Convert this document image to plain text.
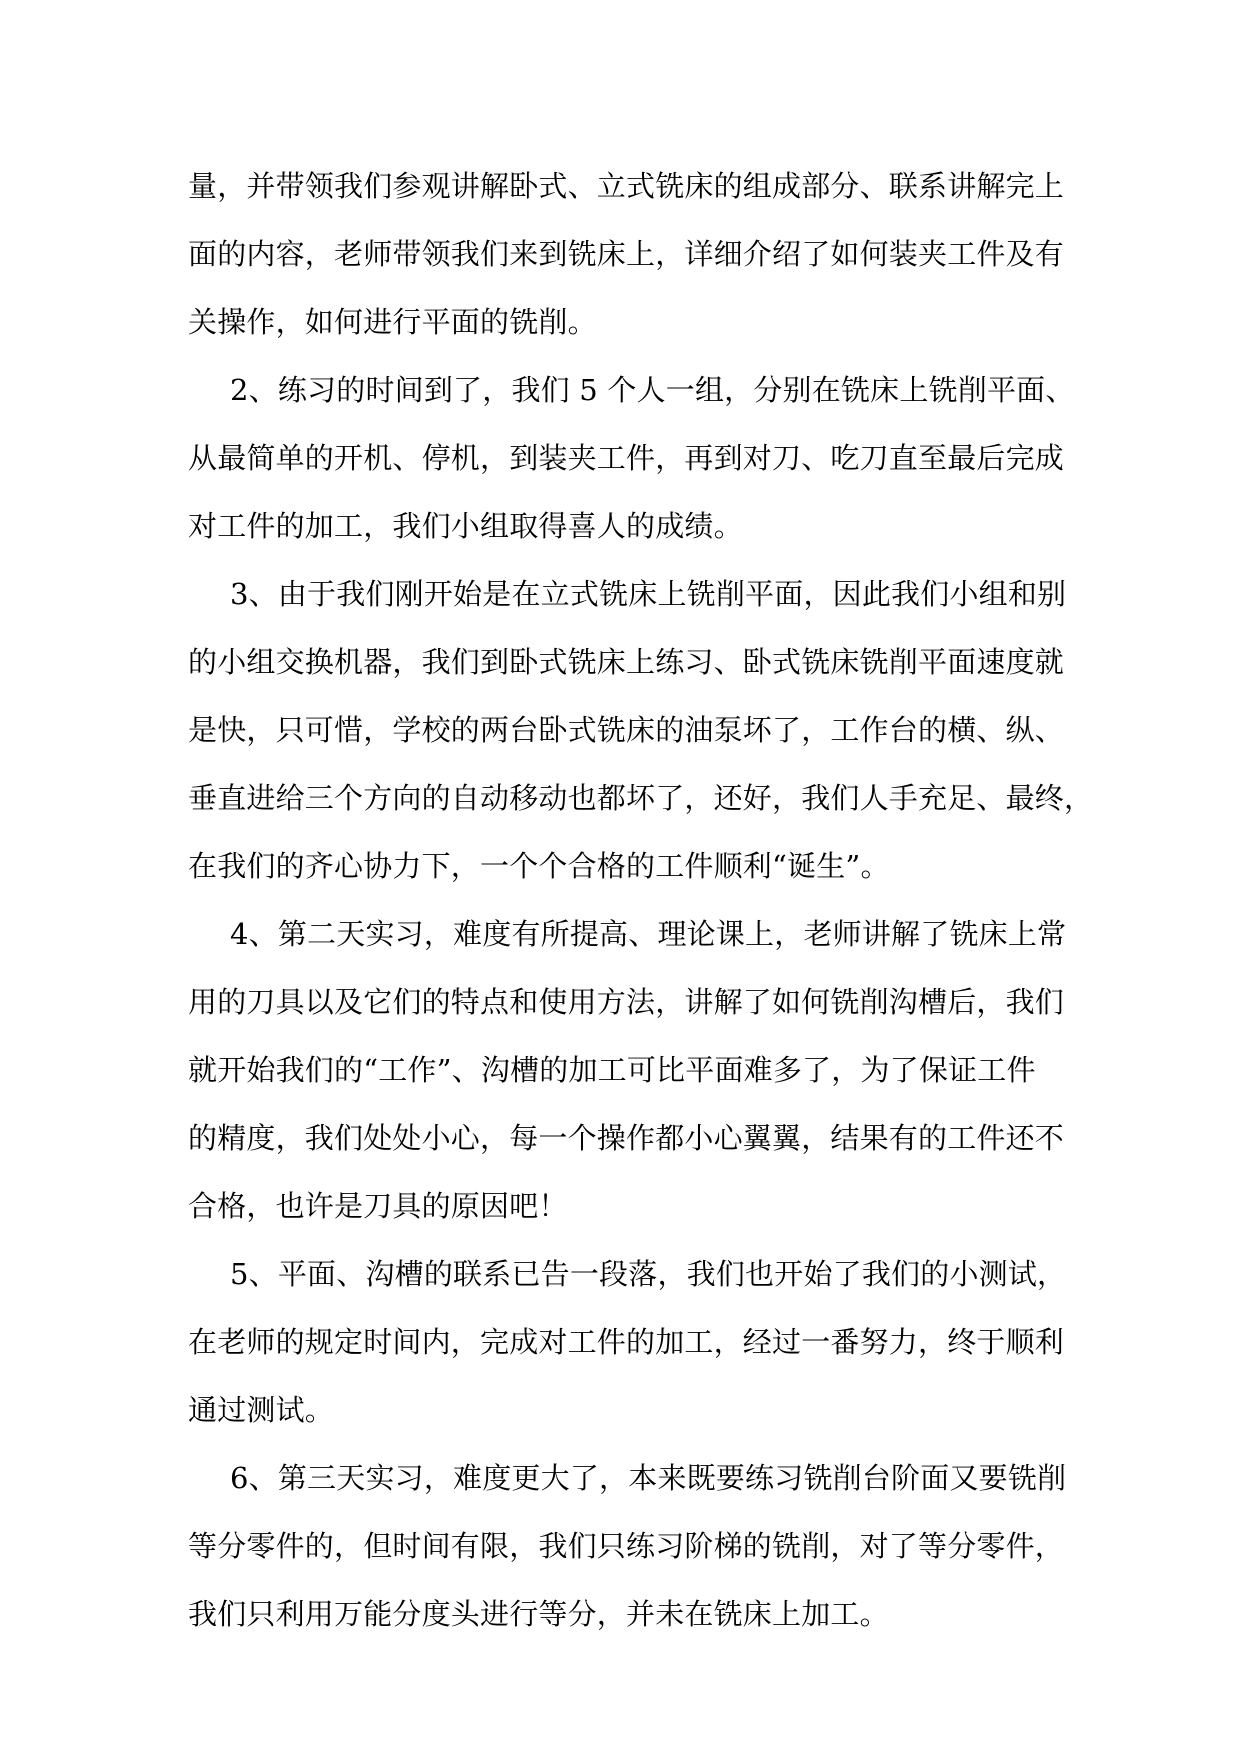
量，并带领我们参观讲解卧式、立式铣床的组成部分、联系讲解完上
面的内容，老师带领我们来到铣床上，详细介绍了如何装夹工件及有
关操作，如何进行平面的铣削。
2、练习的时间到了，我们 5 个人一组，分别在铣床上铣削平面、
从最简单的开机、停机，到装夹工件，再到对刀、吃刀直至最后完成
对工件的加工，我们小组取得喜人的成绩。
3、由于我们刚开始是在立式铣床上铣削平面，因此我们小组和别
的小组交换机器，我们到卧式铣床上练习、卧式铣床铣削平面速度就
是快，只可惜，学校的两台卧式铣床的油泵坏了，工作台的横、纵、
垂直进给三个方向的自动移动也都坏了，还好，我们人手充足、最终，
在我们的齐心协力下，一个个合格的工件顺利“诞生”。
4、第二天实习，难度有所提高、理论课上，老师讲解了铣床上常
用的刀具以及它们的特点和使用方法，讲解了如何铣削沟槽后，我们
就开始我们的“工作”、沟槽的加工可比平面难多了，为了保证工件
的精度，我们处处小心，每一个操作都小心翼翼，结果有的工件还不
合格，也许是刀具的原因吧！
5、平面、沟槽的联系已告一段落，我们也开始了我们的小测试，
在老师的规定时间内，完成对工件的加工，经过一番努力，终于顺利
通过测试。
6、第三天实习，难度更大了，本来既要练习铣削台阶面又要铣削
等分零件的，但时间有限，我们只练习阶梯的铣削，对了等分零件，
我们只利用万能分度头进行等分，并未在铣床上加工。
